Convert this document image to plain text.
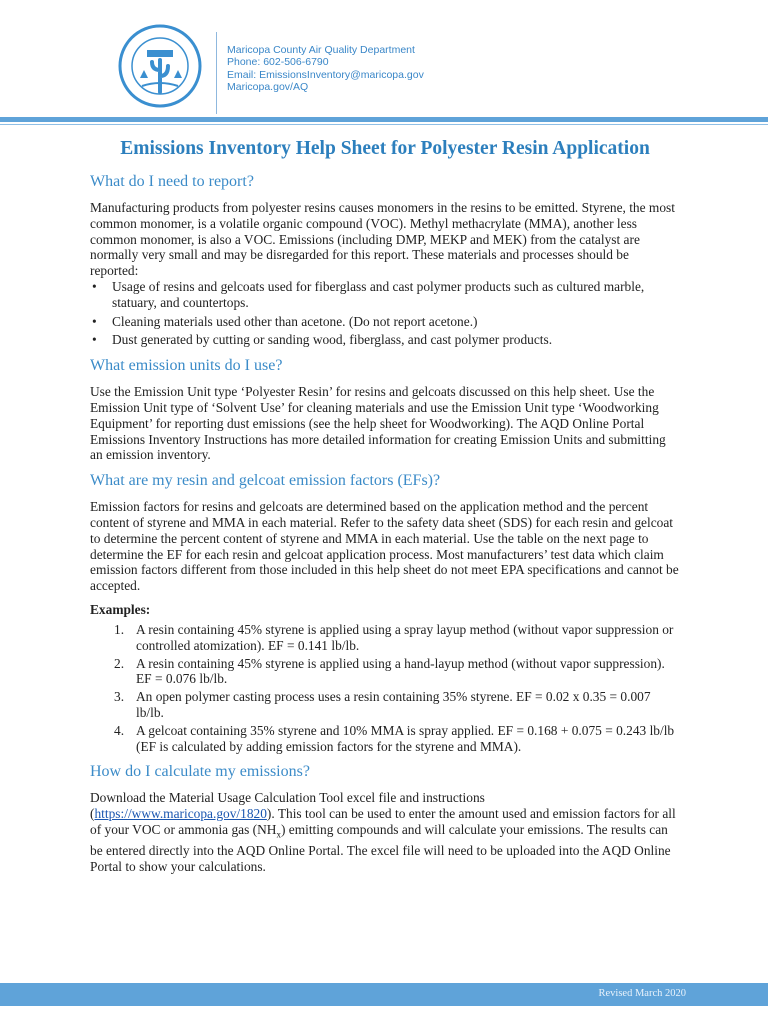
Maricopa County Air Quality Department
Phone: 602-506-6790
Email: EmissionsInventory@maricopa.gov
Maricopa.gov/AQ
Emissions Inventory Help Sheet for Polyester Resin Application
What do I need to report?

Manufacturing products from polyester resins causes monomers in the resins to be emitted. Styrene, the most common monomer, is a volatile organic compound (VOC). Methyl methacrylate (MMA), another less common monomer, is also a VOC. Emissions (including DMP, MEKP and MEK) from the catalyst are normally very small and may be disregarded for this report. These materials and processes should be reported:

• Usage of resins and gelcoats used for fiberglass and cast polymer products such as cultured marble, statuary, and countertops.
• Cleaning materials used other than acetone. (Do not report acetone.)
• Dust generated by cutting or sanding wood, fiberglass, and cast polymer products.
What emission units do I use?

Use the Emission Unit type ‘Polyester Resin’ for resins and gelcoats discussed on this help sheet. Use the Emission Unit type of ‘Solvent Use’ for cleaning materials and use the Emission Unit type ‘Woodworking Equipment’ for reporting dust emissions (see the help sheet for Woodworking). The AQD Online Portal Emissions Inventory Instructions has more detailed information for creating Emission Units and submitting an emission inventory.

What are my resin and gelcoat emission factors (EFs)?

Emission factors for resins and gelcoats are determined based on the application method and the percent content of styrene and MMA in each material. Refer to the safety data sheet (SDS) for each resin and gelcoat to determine the percent content of styrene and MMA in each material. Use the table on the next page to determine the EF for each resin and gelcoat application process. Most manufacturers’ test data which claim emission factors different from those included in this help sheet do not meet EPA specifications and cannot be accepted.

Examples:
1. A resin containing 45% styrene is applied using a spray layup method (without vapor suppression or controlled atomization). EF = 0.141 lb/lb.
2. A resin containing 45% styrene is applied using a hand-layup method (without vapor suppression). EF = 0.076 lb/lb.
3. An open polymer casting process uses a resin containing 35% styrene. EF = 0.02 x 0.35 = 0.007 lb/lb.
4. A gelcoat containing 35% styrene and 10% MMA is spray applied. EF = 0.168 + 0.075 = 0.243 lb/lb (EF is calculated by adding emission factors for the styrene and MMA).
How do I calculate my emissions?

Download the Material Usage Calculation Tool excel file and instructions
(https://www.maricopa.gov/1820). This tool can be used to enter the amount used and emission factors for all of your VOC or ammonia gas $(NH_x)$ emitting compounds and will calculate your emissions. The results can be entered directly into the AQD Online Portal. The excel file will need to be uploaded into the AQD Online Portal to show your calculations.

Revised March 2020
